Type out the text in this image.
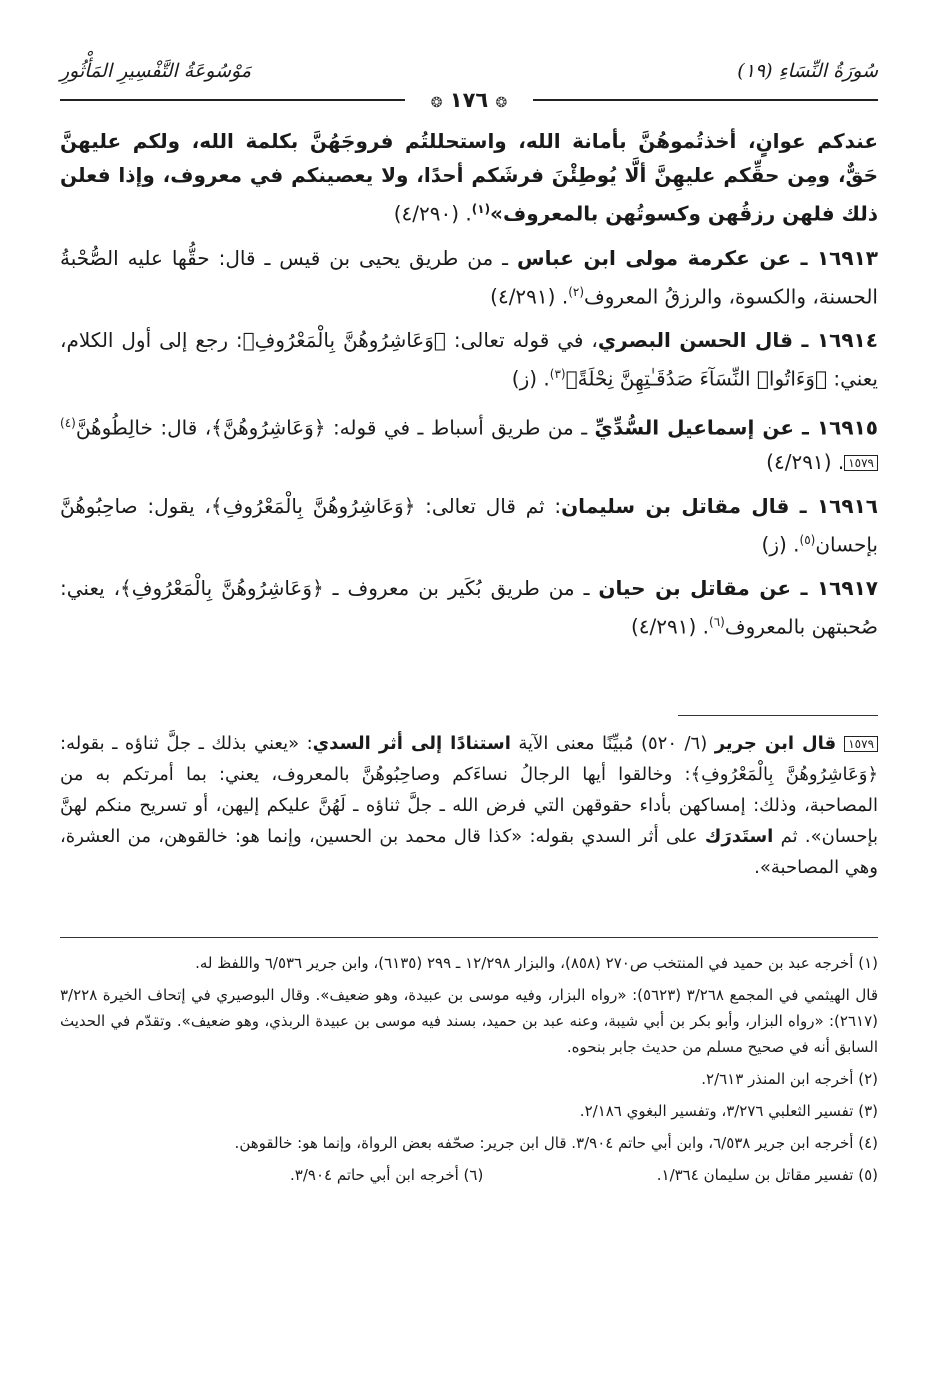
سُورَةُ النِّسَاءِ (١٩)
مَوْسُوعَةُ التَّفْسِيرِ المَأْثُورِ
❂ ١٧٦ ❂

عندكم عوانٍ، أخذتُموهُنَّ بأمانة الله، واستحللتُم فروجَهُنَّ بكلمة الله، ولكم عليهنَّ حَقٌّ، ومِن حقِّكم عليهِنَّ ألَّا يُوطِئْنَ فرشَكم أحدًا، ولا يعصينكم في معروف، وإذا فعلن ذلك فلهن رزقُهن وكسوتُهن بالمعروف»$^{(١)}$. (٤/٢٩٠)

١٦٩١٣ ـ عن عكرمة مولى ابن عباس ـ من طريق يحيى بن قيس ـ قال: حقُّها عليه الصُّحْبةُ الحسنة، والكسوة، والرزقُ المعروف$^{(٢)}$. (٤/٢٩١)

١٦٩١٤ ـ قال الحسن البصري، في قوله تعالى: ﴿وَعَاشِرُوهُنَّ بِالْمَعْرُوفِ﴾: رجع إلى أول الكلام، يعني: ﴿وَءَاتُوا۟ النِّسَآءَ صَدُقَـٰتِهِنَّ نِحْلَةً﴾$^{(٣)}$. (ز)

١٦٩١٥ ـ عن إسماعيل السُّدِّيِّ ـ من طريق أسباط ـ في قوله: ﴿وَعَاشِرُوهُنَّ﴾، قال: خالِطُوهُنَّ$^{(٤)}$١٥٧٩. (٤/٢٩١)

١٦٩١٦ ـ قال مقاتل بن سليمان: ثم قال تعالى: ﴿وَعَاشِرُوهُنَّ بِالْمَعْرُوفِ﴾، يقول: صاحِبُوهُنَّ بإحسان$^{(٥)}$. (ز)

١٦٩١٧ ـ عن مقاتل بن حيان ـ من طريق بُكَير بن معروف ـ ﴿وَعَاشِرُوهُنَّ بِالْمَعْرُوفِ﴾، يعني: صُحبتهن بالمعروف$^{(٦)}$. (٤/٢٩١)

١٥٧٩ قال ابن جرير (٦/ ٥٢٠) مُبيِّنًا معنى الآية استنادًا إلى أثر السدي: «يعني بذلك ـ جلَّ ثناؤه ـ بقوله: ﴿وَعَاشِرُوهُنَّ بِالْمَعْرُوفِ﴾: وخالقوا أيها الرجالُ نساءَكم وصاحِبُوهُنَّ بالمعروف، يعني: بما أمرتكم به من المصاحبة، وذلك: إمساكهن بأداء حقوقهن التي فرض الله ـ جلَّ ثناؤه ـ لَهُنَّ عليكم إليهن، أو تسريح منكم لهنَّ بإحسان». ثم استَدرَك على أثر السدي بقوله: «كذا قال محمد بن الحسين، وإنما هو: خالقوهن، من العشرة، وهي المصاحبة».

(١) أخرجه عبد بن حميد في المنتخب ص٢٧٠ (٨٥٨)، والبزار ١٢/٢٩٨ ـ ٢٩٩ (٦١٣٥)، وابن جرير ٦/٥٣٦ واللفظ له.

قال الهيثمي في المجمع ٣/٢٦٨ (٥٦٢٣): «رواه البزار، وفيه موسى بن عبيدة، وهو ضعيف». وقال البوصيري في إتحاف الخيرة ٣/٢٢٨ (٢٦١٧): «رواه البزار، وأبو بكر بن أبي شيبة، وعنه عبد بن حميد، بسند فيه موسى بن عبيدة الربذي، وهو ضعيف». وتقدّم في الحديث السابق أنه في صحيح مسلم من حديث جابر بنحوه.

(٢) أخرجه ابن المنذر ٢/٦١٣.

(٣) تفسير الثعلبي ٣/٢٧٦، وتفسير البغوي ٢/١٨٦.

(٤) أخرجه ابن جرير ٦/٥٣٨، وابن أبي حاتم ٣/٩٠٤. قال ابن جرير: صحّفه بعض الرواة، وإنما هو: خالقوهن.

(٥) تفسير مقاتل بن سليمان ١/٣٦٤.
(٦) أخرجه ابن أبي حاتم ٣/٩٠٤.
